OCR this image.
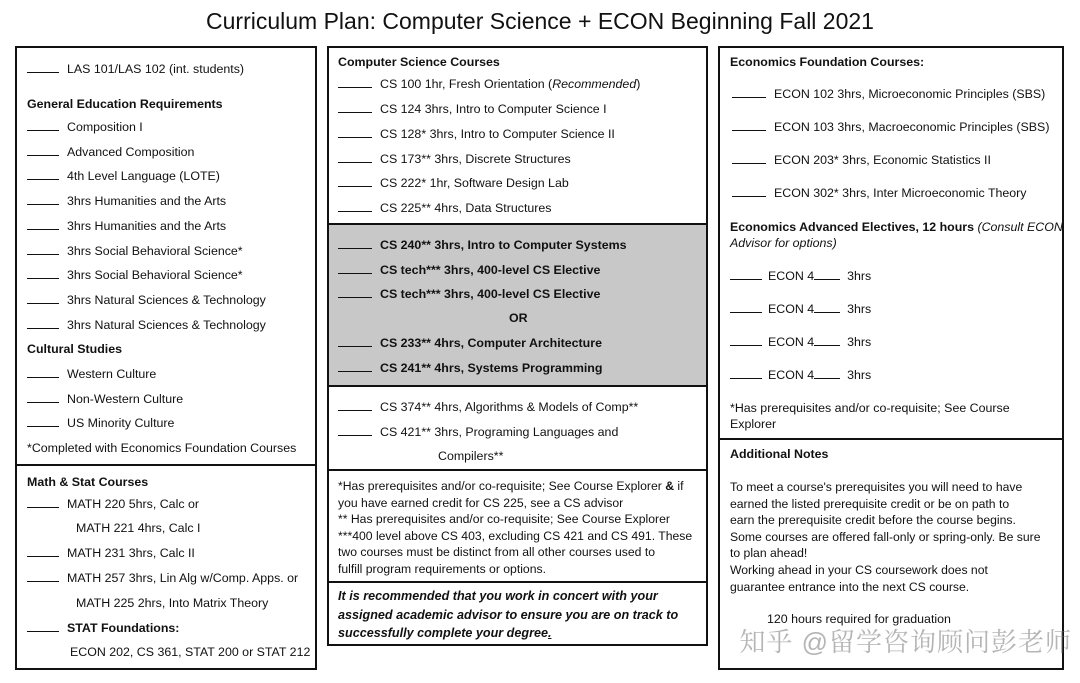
Curriculum Plan: Computer Science + ECON Beginning Fall 2021
LAS 101/LAS 102 (int. students)
General Education Requirements
Composition I
Advanced Composition
4th Level Language (LOTE)
3hrs Humanities and the Arts
3hrs Humanities and the Arts
3hrs Social Behavioral Science*
3hrs Social Behavioral Science*
3hrs Natural Sciences & Technology
3hrs Natural Sciences & Technology
Cultural Studies
Western Culture
Non-Western Culture
US Minority Culture
*Completed with Economics Foundation Courses
Math & Stat Courses
MATH 220 5hrs, Calc or
MATH 221 4hrs, Calc I
MATH 231 3hrs, Calc II
MATH 257 3hrs, Lin Alg w/Comp. Apps. or
MATH 225 2hrs, Into Matrix Theory
STAT Foundations:
ECON 202, CS 361, STAT 200 or STAT 212
Computer Science Courses
CS 100 1hr, Fresh Orientation (Recommended)
CS 124 3hrs, Intro to Computer Science I
CS 128* 3hrs, Intro to Computer Science II
CS 173** 3hrs, Discrete Structures
CS 222* 1hr, Software Design Lab
CS 225** 4hrs, Data Structures
CS 240** 3hrs, Intro to Computer Systems
CS tech*** 3hrs, 400-level CS Elective
CS tech*** 3hrs, 400-level CS Elective
OR
CS 233** 4hrs, Computer Architecture
CS 241** 4hrs, Systems Programming
CS 374** 4hrs, Algorithms & Models of Comp**
CS 421** 3hrs, Programing Languages and
Compilers**
*Has prerequisites and/or co-requisite; See Course Explorer & if
you have earned credit for CS 225, see a CS advisor
** Has prerequisites and/or co-requisite; See Course Explorer
***400 level above CS 403, excluding CS 421 and CS 491. These
two courses must be distinct from all other courses used to
fulfill program requirements or options.
It is recommended that you work in concert with your
assigned academic advisor to ensure you are on track to
successfully complete your degree.
Economics Foundation Courses:
ECON 102 3hrs, Microeconomic Principles (SBS)
ECON 103 3hrs, Macroeconomic Principles (SBS)
ECON 203* 3hrs, Economic Statistics II
ECON 302* 3hrs, Inter Microeconomic Theory
Economics Advanced Electives, 12 hours (Consult ECON
Advisor for options)
ECON 4	3hrs
ECON 4	3hrs
ECON 4	3hrs
ECON 4	3hrs
*Has prerequisites and/or co-requisite; See Course
Explorer
Additional Notes
To meet a course's prerequisites you will need to have
earned the listed prerequisite credit or be on path to
earn the prerequisite credit before the course begins.
Some courses are offered fall-only or spring-only. Be sure
to plan ahead!
Working ahead in your CS coursework does not
guarantee entrance into the next CS course.
120 hours required for graduation
知乎 @留学咨询顾问彭老师
